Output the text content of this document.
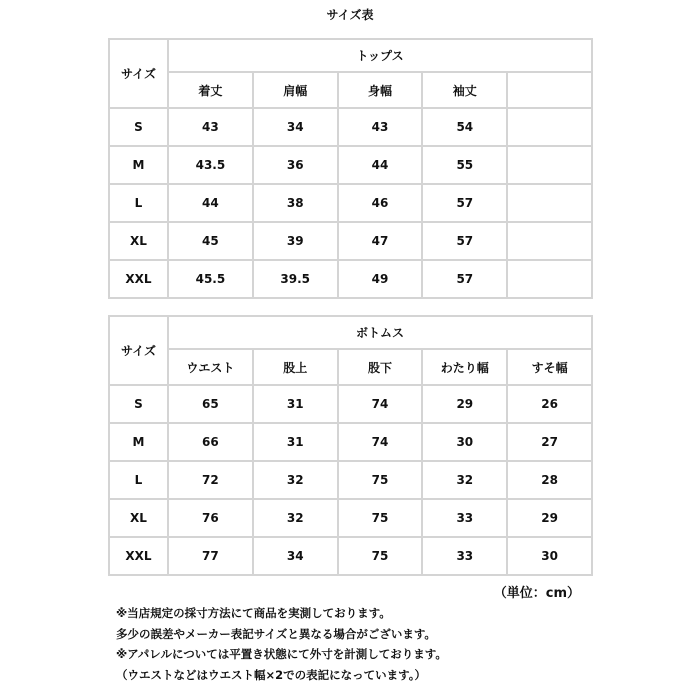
サイズ表
サイズ	トップス				
	着丈	肩幅	身幅	袖丈	
S	43	34	43	54	
M	43.5	36	44	55	
L	44	38	46	57	
XL	45	39	47	57	
XXL	45.5	39.5	49	57	
サイズ	ボトムス				
	ウエスト	股上	股下	わたり幅	すそ幅
S	65	31	74	29	26
M	66	31	74	30	27
L	72	32	75	32	28
XL	76	32	75	33	29
XXL	77	34	75	33	30
（単位：cm）
※当店規定の採寸方法にて商品を実測しております。
多少の誤差やメーカー表記サイズと異なる場合がございます。
※アパレルについては平置き状態にて外寸を計測しております。
（ウエストなどはウエスト幅×2での表記になっています。）
